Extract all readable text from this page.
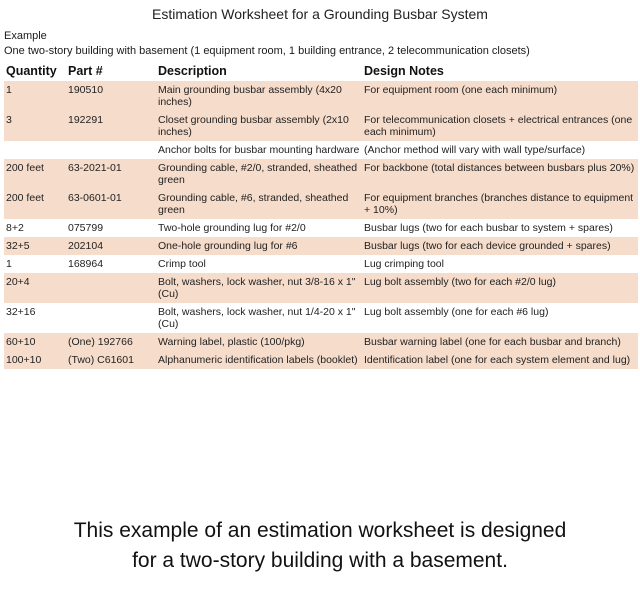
Estimation Worksheet for a Grounding Busbar System
Example
One two-story building with basement (1 equipment room, 1 building entrance, 2 telecommunication closets)
Quantity	Part #	Description	Design Notes
1	190510	Main grounding busbar assembly (4x20 inches)	For equipment room (one each minimum)
3	192291	Closet grounding busbar assembly (2x10 inches)	For telecommunication closets + electrical entrances (one each minimum)
		Anchor bolts for busbar mounting hardware	(Anchor method will vary with wall type/surface)
200 feet	63-2021-01	Grounding cable, #2/0, stranded, sheathed green	For backbone (total distances between busbars plus 20%)
200 feet	63-0601-01	Grounding cable, #6, stranded, sheathed green	For equipment branches (branches distance to equipment + 10%)
8+2	075799	Two-hole grounding lug for #2/0	Busbar lugs (two for each busbar to system + spares)
32+5	202104	One-hole grounding lug for #6	Busbar lugs (two for each device grounded + spares)
1	168964	Crimp tool	Lug crimping tool
20+4		Bolt, washers, lock washer, nut 3/8-16 x 1" (Cu)	Lug bolt assembly (two for each #2/0 lug)
32+16		Bolt, washers, lock washer, nut 1/4-20 x 1" (Cu)	Lug bolt assembly (one for each #6 lug)
60+10	(One) 192766	Warning label, plastic (100/pkg)	Busbar warning label (one for each busbar and branch)
100+10	(Two) C61601	Alphanumeric identification labels (booklet)	Identification label (one for each system element and lug)
This example of an estimation worksheet is designed
for a two-story building with a basement.
